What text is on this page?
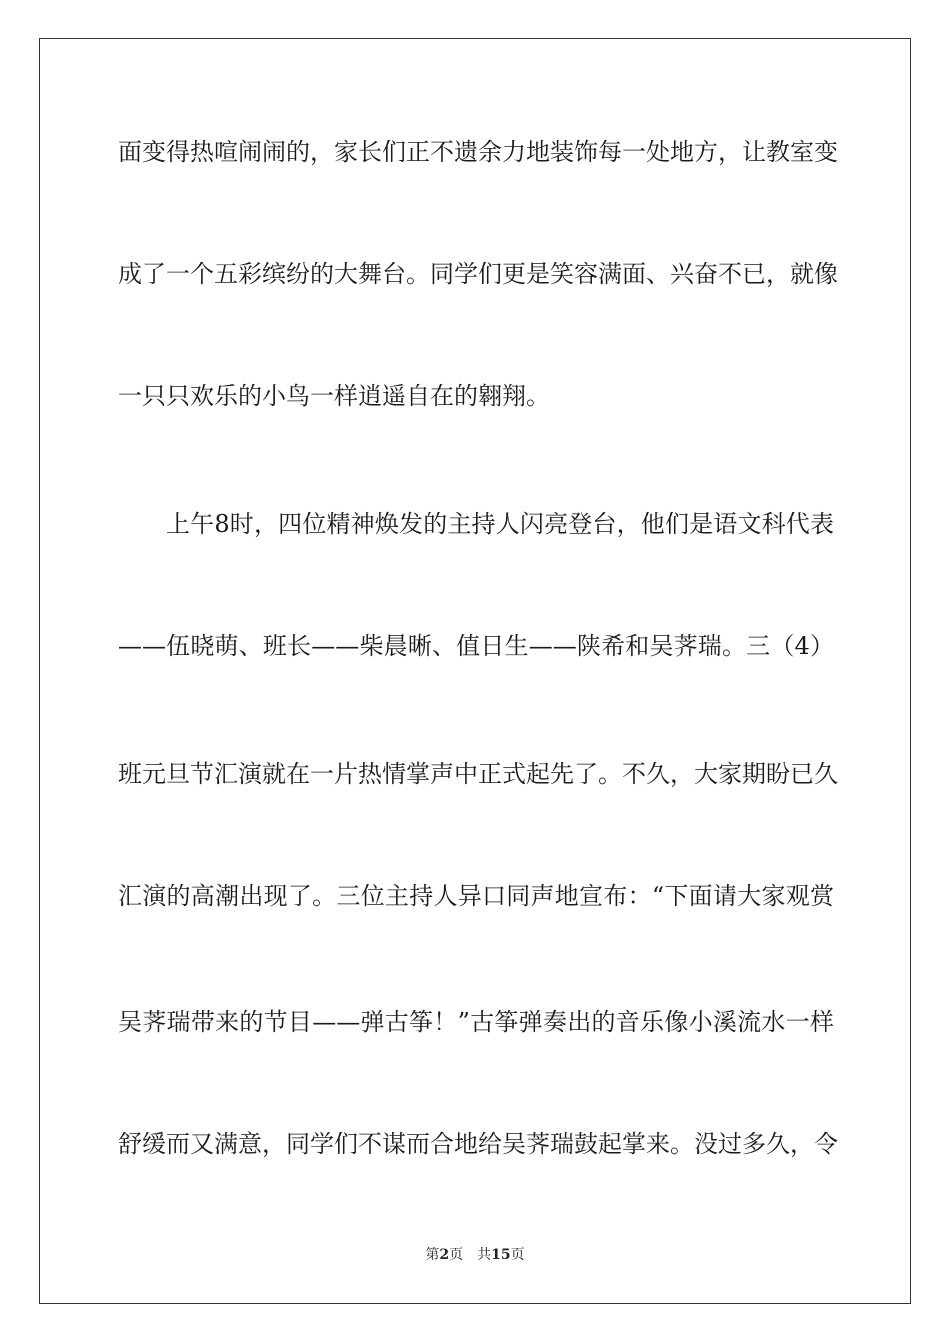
面变得热喧闹闹的，家长们正不遗余力地装饰每一处地方，让教室变
成了一个五彩缤纷的大舞台。同学们更是笑容满面、兴奋不已，就像
一只只欢乐的小鸟一样逍遥自在的翱翔。
上午8时，四位精神焕发的主持人闪亮登台，他们是语文科代表
——伍晓萌、班长——柴晨晰、值日生——陕希和吴荠瑞。三（4）
班元旦节汇演就在一片热情掌声中正式起先了。不久，大家期盼已久
汇演的高潮出现了。三位主持人异口同声地宣布：“下面请大家观赏
吴荠瑞带来的节目——弹古筝！”古筝弹奏出的音乐像小溪流水一样
舒缓而又满意，同学们不谋而合地给吴荠瑞鼓起掌来。没过多久，令
第2页 共15页
